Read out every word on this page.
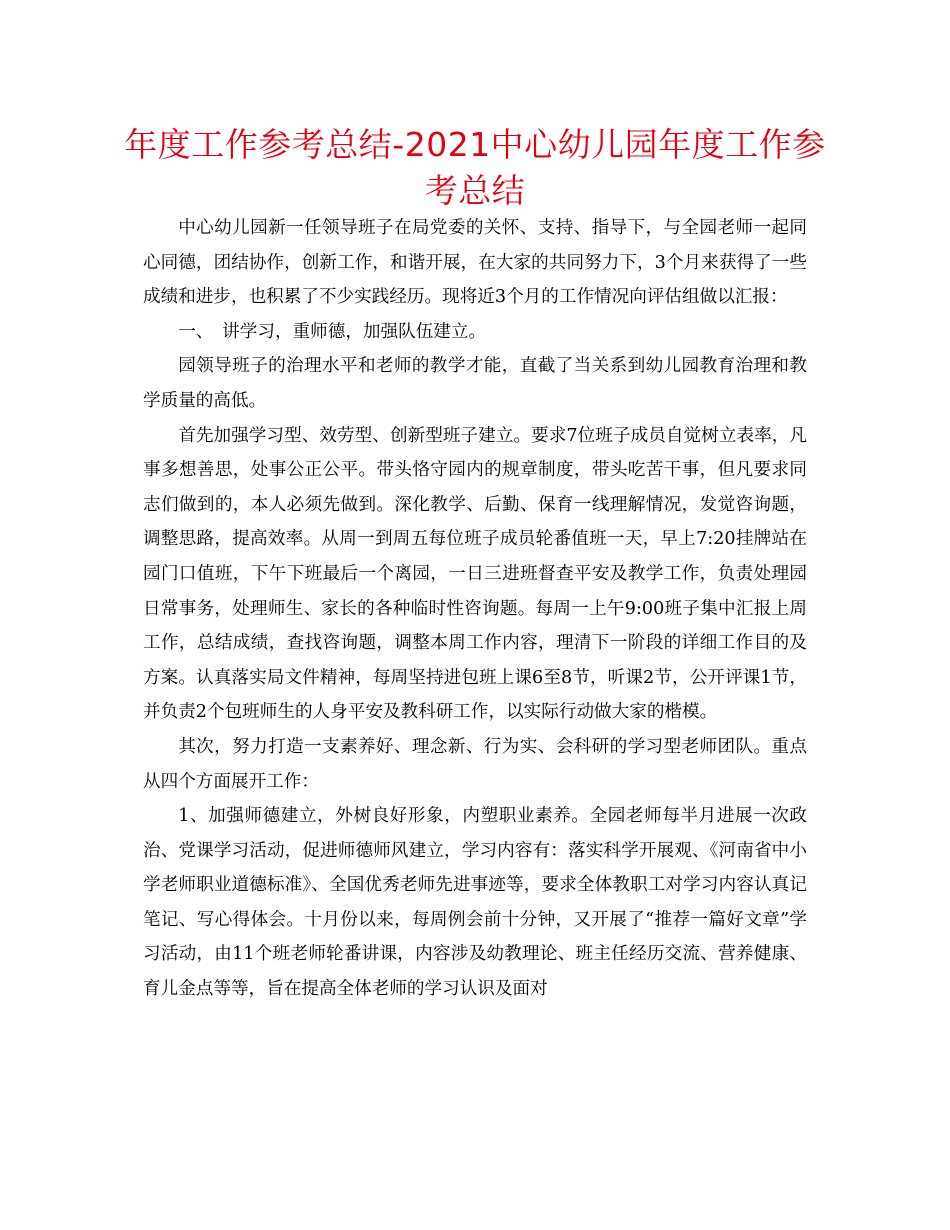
年度工作参考总结-2021中心幼儿园年度工作参考总结

中心幼儿园新一任领导班子在局党委的关怀、支持、指导下，与全园老师一起同心同德，团结协作，创新工作，和谐开展，在大家的共同努力下，3个月来获得了一些成绩和进步，也积累了不少实践经历。现将近3个月的工作情况向评估组做以汇报：

一、　讲学习，重师德，加强队伍建立。

园领导班子的治理水平和老师的教学才能，直截了当关系到幼儿园教育治理和教学质量的高低。

首先加强学习型、效劳型、创新型班子建立。要求7位班子成员自觉树立表率，凡事多想善思，处事公正公平。带头恪守园内的规章制度，带头吃苦干事，但凡要求同志们做到的，本人必须先做到。深化教学、后勤、保育一线理解情况，发觉咨询题，调整思路，提高效率。从周一到周五每位班子成员轮番值班一天，早上7:20挂牌站在园门口值班，下午下班最后一个离园，一日三进班督查平安及教学工作，负责处理园日常事务，处理师生、家长的各种临时性咨询题。每周一上午9:00班子集中汇报上周工作，总结成绩，查找咨询题，调整本周工作内容，理清下一阶段的详细工作目的及方案。认真落实局文件精神，每周坚持进包班上课6至8节，听课2节，公开评课1节，并负责2个包班师生的人身平安及教科研工作，以实际行动做大家的楷模。

其次，努力打造一支素养好、理念新、行为实、会科研的学习型老师团队。重点从四个方面展开工作：

1、加强师德建立，外树良好形象，内塑职业素养。全园老师每半月进展一次政治、党课学习活动，促进师德师风建立，学习内容有：落实科学开展观、《河南省中小学老师职业道德标准》、全国优秀老师先进事迹等，要求全体教职工对学习内容认真记笔记、写心得体会。十月份以来，每周例会前十分钟，又开展了“推荐一篇好文章”学习活动，由11个班老师轮番讲课，内容涉及幼教理论、班主任经历交流、营养健康、育儿金点等等，旨在提高全体老师的学习认识及面对
